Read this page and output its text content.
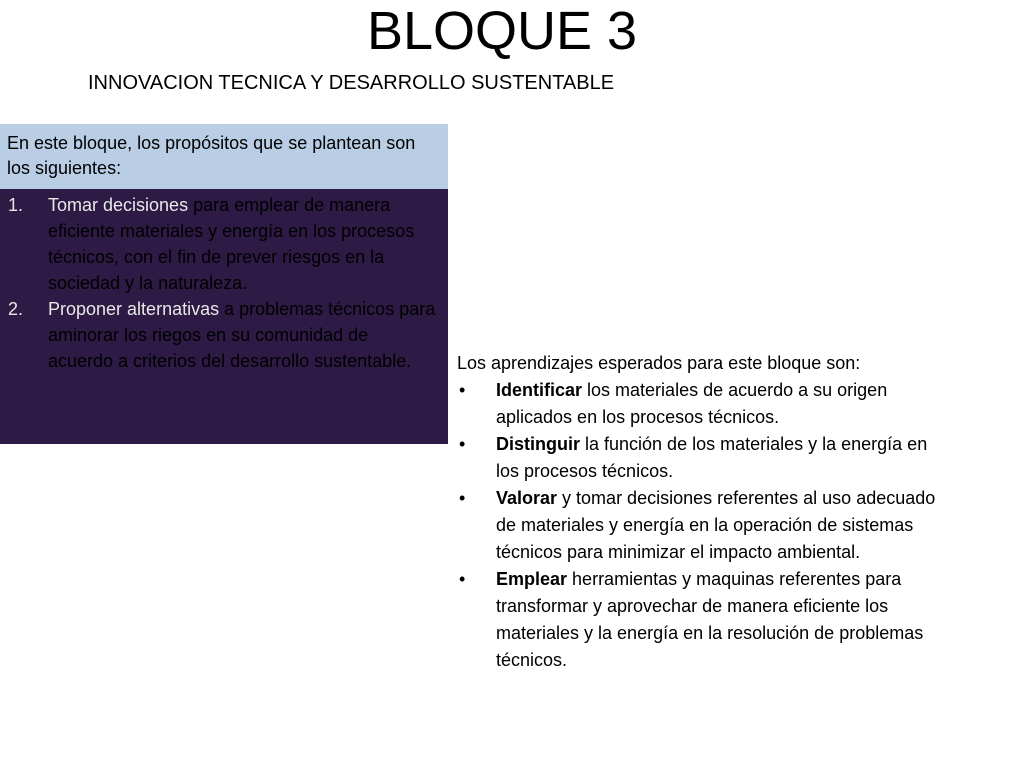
BLOQUE 3
INNOVACION TECNICA Y DESARROLLO SUSTENTABLE
En este bloque, los propósitos que se plantean son los siguientes:
1.	Tomar decisiones para emplear de manera eficiente materiales y energía en los procesos técnicos, con el fin de prever riesgos en la sociedad y la naturaleza.
2.	Proponer alternativas a problemas técnicos para aminorar los riegos en su comunidad de acuerdo a criterios del desarrollo sustentable.	Los aprendizajes esperados para este bloque son:
•	Identificar los materiales de acuerdo a su origen aplicados en los procesos técnicos.
•	Distinguir la función de los materiales y la energía en los procesos técnicos.
•	Valorar y tomar decisiones referentes al uso adecuado de materiales y energía en la operación de sistemas técnicos para minimizar el impacto ambiental.
•	Emplear herramientas y maquinas referentes para transformar y aprovechar de manera eficiente los materiales y la energía en la resolución de problemas técnicos.
